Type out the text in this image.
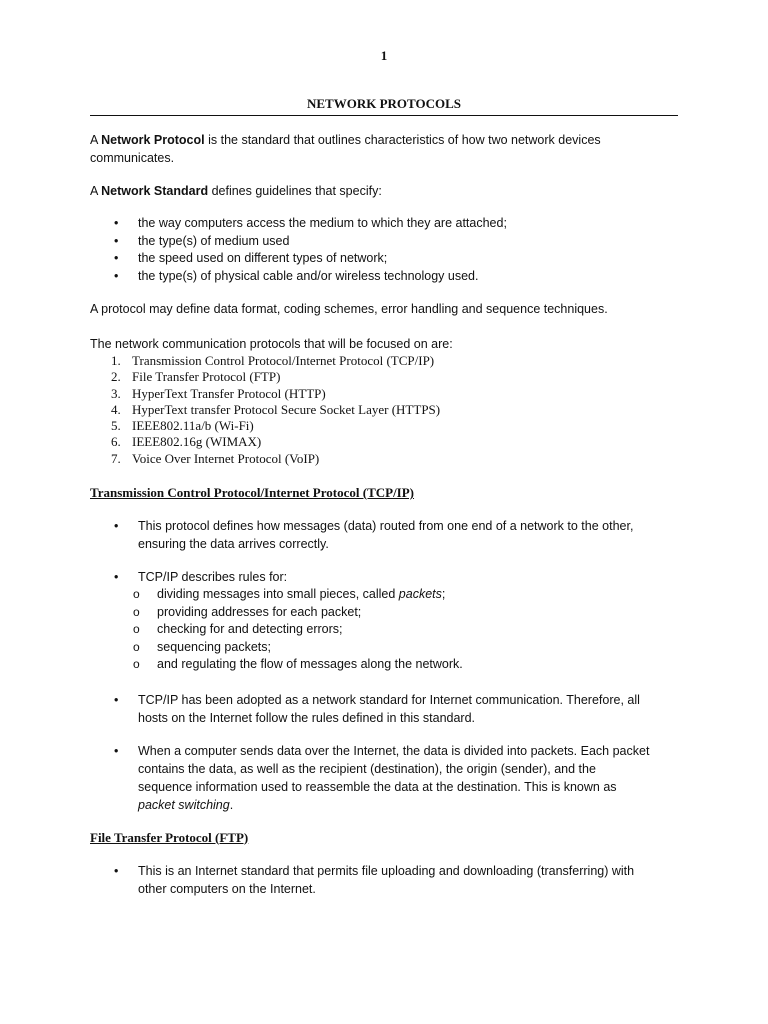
1
NETWORK PROTOCOLS

A Network Protocol is the standard that outlines characteristics of how two network devices communicates.

A Network Standard defines guidelines that specify:

• the way computers access the medium to which they are attached;
• the type(s) of medium used
• the speed used on different types of network;
• the type(s) of physical cable and/or wireless technology used.

A protocol may define data format, coding schemes, error handling and sequence techniques.

The network communication protocols that will be focused on are:

1. Transmission Control Protocol/Internet Protocol (TCP/IP)
2. File Transfer Protocol (FTP)
3. HyperText Transfer Protocol (HTTP)
4. HyperText transfer Protocol Secure Socket Layer (HTTPS)
5. IEEE802.11a/b (Wi-Fi)
6. IEEE802.16g (WIMAX)
7. Voice Over Internet Protocol (VoIP)

Transmission Control Protocol/Internet Protocol (TCP/IP)

• This protocol defines how messages (data) routed from one end of a network to the other, ensuring the data arrives correctly.
• TCP/IP describes rules for:
o dividing messages into small pieces, called packets;
o providing addresses for each packet;
o checking for and detecting errors;
o sequencing packets;
o and regulating the flow of messages along the network.
• TCP/IP has been adopted as a network standard for Internet communication. Therefore, all hosts on the Internet follow the rules defined in this standard.
• When a computer sends data over the Internet, the data is divided into packets. Each packet contains the data, as well as the recipient (destination), the origin (sender), and the sequence information used to reassemble the data at the destination. This is known as packet switching.

File Transfer Protocol (FTP)

• This is an Internet standard that permits file uploading and downloading (transferring) with other computers on the Internet.
